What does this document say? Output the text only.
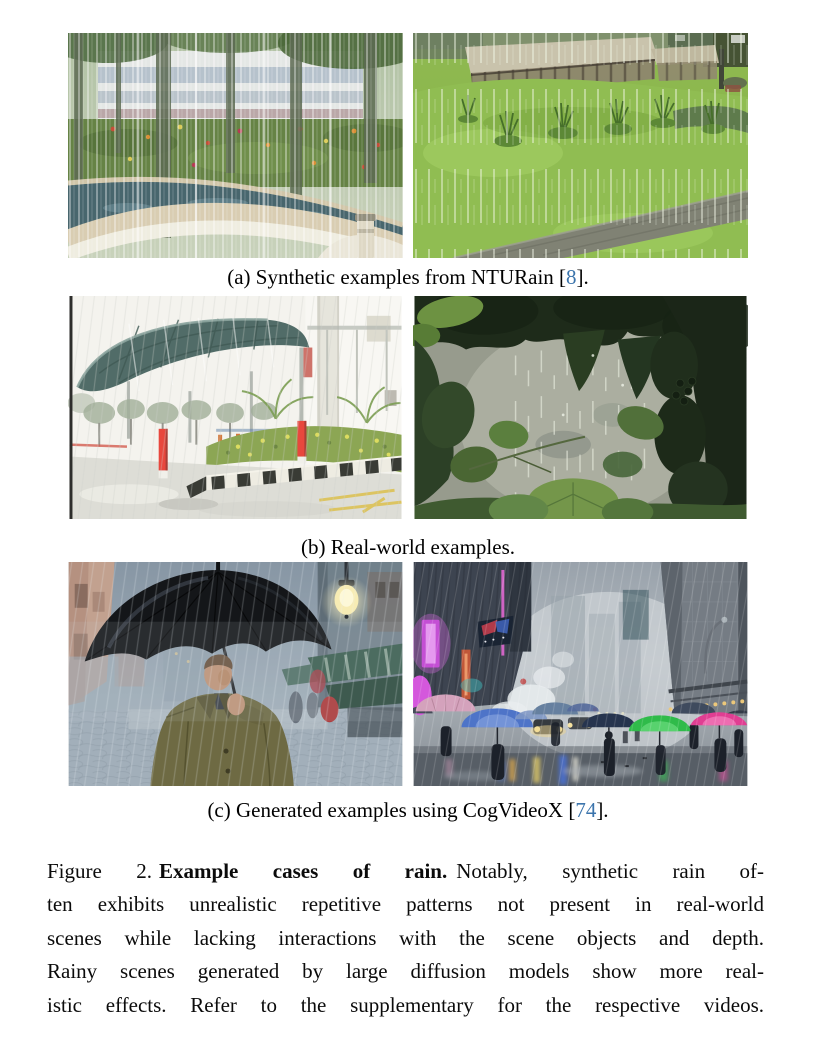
(a) Synthetic examples from NTURain [8].
(b) Real-world examples.
(c) Generated examples using CogVideoX [74].
Figure 2. Example cases of rain. Notably, synthetic rain of-
ten exhibits unrealistic repetitive patterns not present in real-world
scenes while lacking interactions with the scene objects and depth.
Rainy scenes generated by large diffusion models show more real-
istic effects. Refer to the supplementary for the respective videos.
